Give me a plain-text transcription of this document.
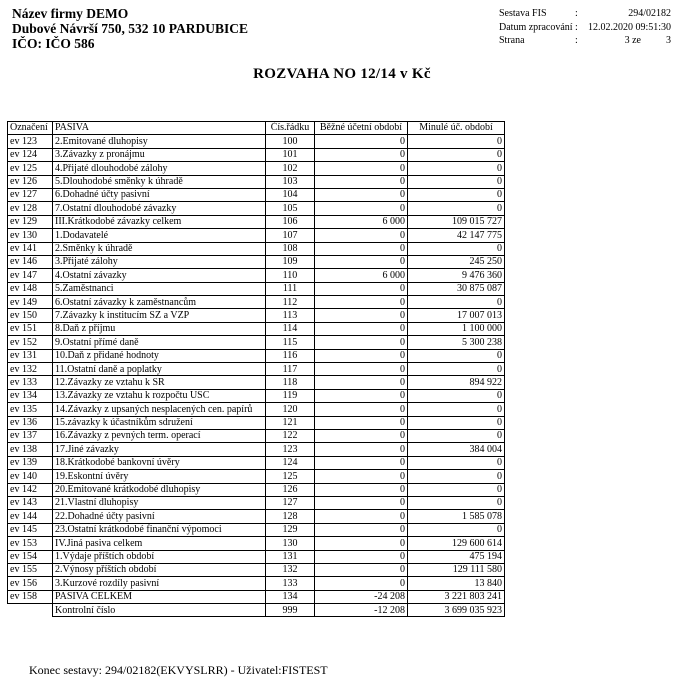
Název firmy DEMO
Dubové Návrší 750, 532 10 PARDUBICE
IČO: IČO 586
Sestava FIS	:	294/02182
Datum zpracování : 12.02.2020 09:51:30
Strana	:	3 ze	3
ROZVAHA NO 12/14 v Kč
Označení	PASIVA	Čís.řádku	Běžné účetní období	Minulé úč. období
ev 123	2.Emitované dluhopisy	100	0	0
ev 124	3.Závazky z pronájmu	101	0	0
ev 125	4.Přijaté dlouhodobé zálohy	102	0	0
ev 126	5.Dlouhodobé směnky k úhradě	103	0	0
ev 127	6.Dohadné účty pasivní	104	0	0
ev 128	7.Ostatní dlouhodobé závazky	105	0	0
ev 129	III.Krátkodobé závazky celkem	106	6 000	109 015 727
ev 130	1.Dodavatelé	107	0	42 147 775
ev 141	2.Směnky k úhradě	108	0	0
ev 146	3.Přijaté zálohy	109	0	245 250
ev 147	4.Ostatní závazky	110	6 000	9 476 360
ev 148	5.Zaměstnanci	111	0	30 875 087
ev 149	6.Ostatní závazky k zaměstnancům	112	0	0
ev 150	7.Závazky k institucím SZ a VZP	113	0	17 007 013
ev 151	8.Daň z příjmu	114	0	1 100 000
ev 152	9.Ostatní přímé daně	115	0	5 300 238
ev 131	10.Daň z přidané hodnoty	116	0	0
ev 132	11.Ostatní daně a poplatky	117	0	0
ev 133	12.Závazky ze vztahu k SR	118	0	894 922
ev 134	13.Závazky ze vztahu k rozpočtu USC	119	0	0
ev 135	14.Závazky z upsaných nesplacených cen. papírů	120	0	0
ev 136	15.závazky k účastníkům sdružení	121	0	0
ev 137	16.Závazky z pevných term. operací	122	0	0
ev 138	17.Jiné závazky	123	0	384 004
ev 139	18.Krátkodobé bankovní úvěry	124	0	0
ev 140	19.Eskontní úvěry	125	0	0
ev 142	20.Emitované krátkodobé dluhopisy	126	0	0
ev 143	21.Vlastní dluhopisy	127	0	0
ev 144	22.Dohadné účty pasivní	128	0	1 585 078
ev 145	23.Ostatní krátkodobé finanční výpomoci	129	0	0
ev 153	IV.Jiná pasiva celkem	130	0	129 600 614
ev 154	1.Výdaje příštích období	131	0	475 194
ev 155	2.Výnosy příštích období	132	0	129 111 580
ev 156	3.Kurzové rozdíly pasivní	133	0	13 840
ev 158	PASIVA CELKEM	134	-24 208	3 221 803 241
	Kontrolní číslo	999	-12 208	3 699 035 923
Konec sestavy: 294/02182(EKVYSLRR) - Uživatel:FISTEST
